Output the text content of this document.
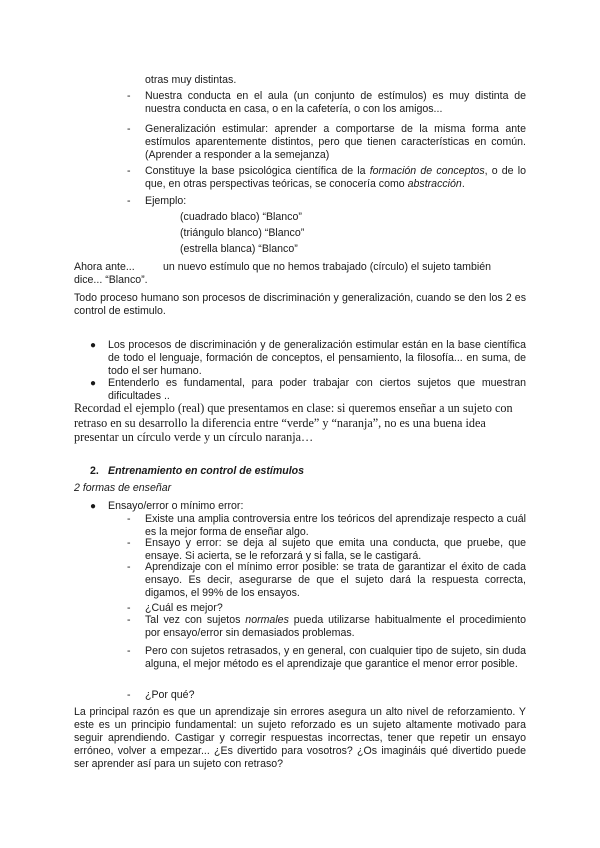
otras muy distintas.
- Nuestra conducta en el aula (un conjunto de estímulos) es muy distinta de nuestra conducta en casa, o en la cafetería, o con los amigos...
- Generalización estimular: aprender a comportarse de la misma forma ante estímulos aparentemente distintos, pero que tienen características en común. (Aprender a responder a la semejanza)
- Constituye la base psicológica científica de la formación de conceptos, o de lo que, en otras perspectivas teóricas, se conocería como abstracción.
- Ejemplo:
(cuadrado blaco) “Blanco”
(triángulo blanco) “Blanco”
(estrella blanca) “Blanco”
Ahora ante...	un nuevo estímulo que no hemos trabajado (círculo) el sujeto también
dice... “Blanco”.
Todo proceso humano son procesos de discriminación y generalización, cuando se den los 2 es control de estimulo.
● Los procesos de discriminación y de generalización estimular están en la base científica de todo el lenguaje, formación de conceptos, el pensamiento, la filosofía... en suma, de todo el ser humano.
● Entenderlo es fundamental, para poder trabajar con ciertos sujetos que muestran dificultades ..
Recordad el ejemplo (real) que presentamos en clase: si queremos enseñar a un sujeto con retraso en su desarrollo la diferencia entre “verde” y “naranja”, no es una buena idea presentar un círculo verde y un círculo naranja…
2. Entrenamiento en control de estímulos
2 formas de enseñar
● Ensayo/error o mínimo error:
- Existe una amplia controversia entre los teóricos del aprendizaje respecto a cuál es la mejor forma de enseñar algo.
- Ensayo y error: se deja al sujeto que emita una conducta, que pruebe, que ensaye. Si acierta, se le reforzará y si falla, se le castigará.
- Aprendizaje con el mínimo error posible: se trata de garantizar el éxito de cada ensayo. Es decir, asegurarse de que el sujeto dará la respuesta correcta, digamos, el 99% de los ensayos.
- ¿Cuál es mejor?
- Tal vez con sujetos normales pueda utilizarse habitualmente el procedimiento por ensayo/error sin demasiados problemas.
- Pero con sujetos retrasados, y en general, con cualquier tipo de sujeto, sin duda alguna, el mejor método es el aprendizaje que garantice el menor error posible.
- ¿Por qué?
La principal razón es que un aprendizaje sin errores asegura un alto nivel de reforzamiento. Y este es un principio fundamental: un sujeto reforzado es un sujeto altamente motivado para seguir aprendiendo. Castigar y corregir respuestas incorrectas, tener que repetir un ensayo erróneo, volver a empezar... ¿Es divertido para vosotros? ¿Os imagináis qué divertido puede ser aprender así para un sujeto con retraso?
